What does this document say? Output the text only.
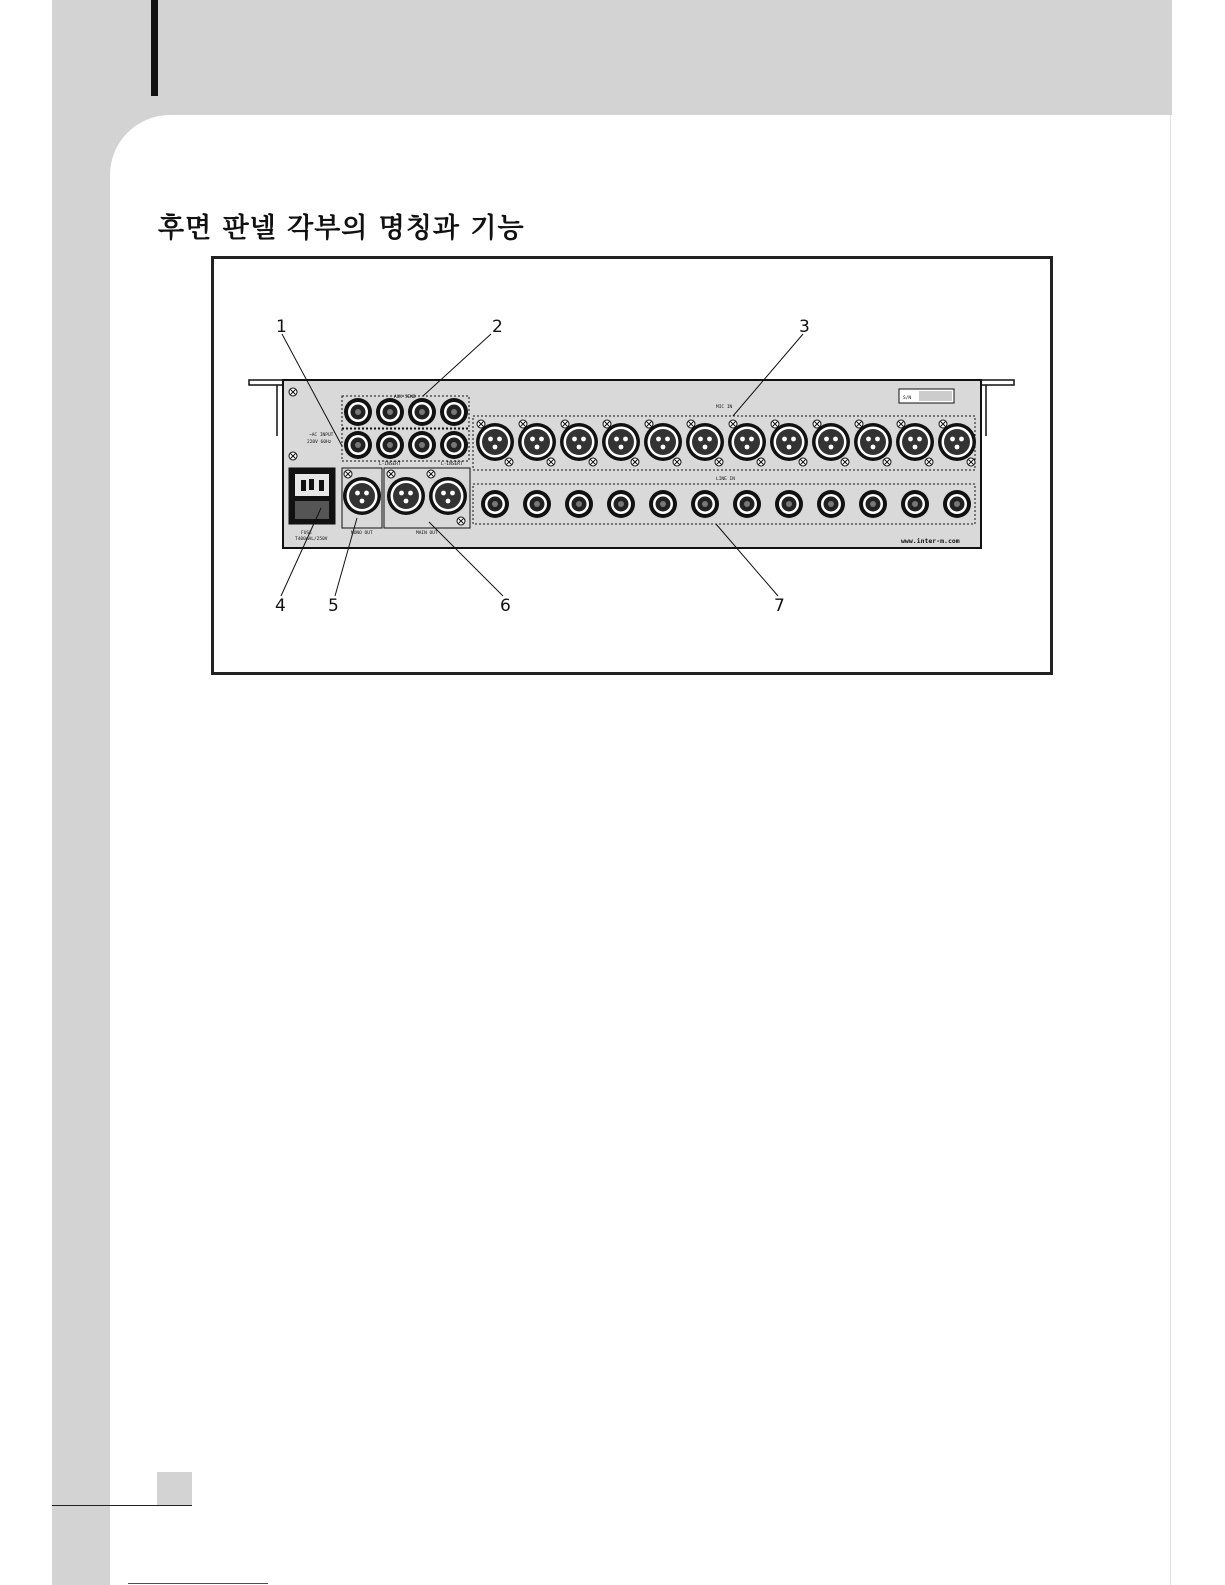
후면 판넬 각부의 명칭과 기능
~AC INPUT
220V 60Hz
FUSE
T400mAL/250V
AUX SEND
L-INSERT	L-INSERT
MONO OUT	MAIN OUT
MIC IN
LINE IN
S/N
www.inter-m.com
1	2	3
4 5	6	7
